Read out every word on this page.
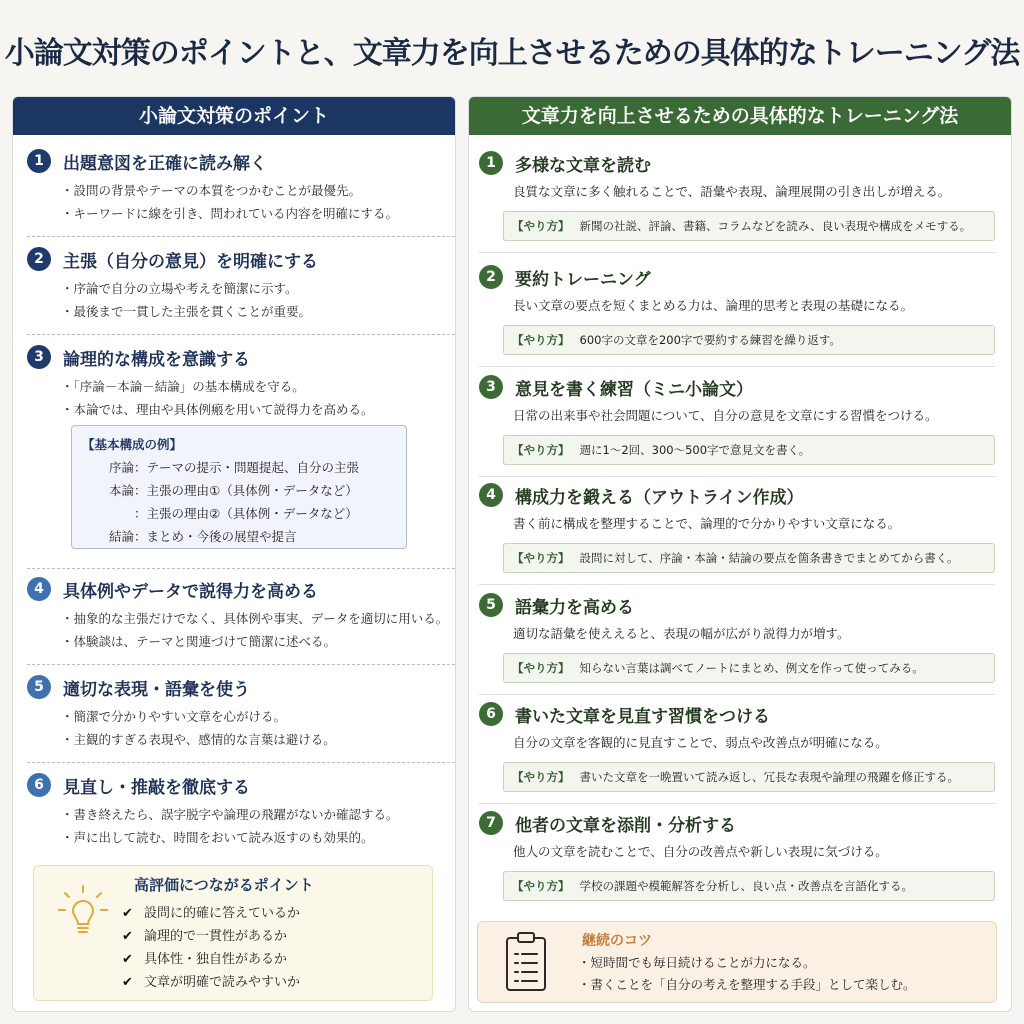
小論文対策のポイントと、文章力を向上させるための具体的なトレーニング法
小論文対策のポイント
1	出題意図を正確に読み解く
・ 設問の背景やテーマの本質をつかむことが最優先。
・ キーワードに線を引き、問われている内容を明確にする。
2	主張（自分の意見）を明確にする
・ 序論で自分の立場や考えを簡潔に示す。
・ 最後まで一貫した主張を貫くことが重要。
3	論理的な構成を意識する
・ 「序論－本論－結論」の基本構成を守る。
・ 本論では、理由や具体例瘢を用いて説得力を高める。
【基本構成の例】
序論 ： テーマの提示・問題提起、自分の主張
本論 ： 主張の理由①（具体例・データなど）
： 主張の理由②（具体例・データなど）
結論 ： まとめ・今後の展望や提言
4	具体例やデータで説得力を高める
・ 抽象的な主張だけでなく、具体例や事実、データを適切に用いる。
・ 体験談は、テーマと関連づけて簡潔に述べる。
5	適切な表現・語彙を使う
・ 簡潔で分かりやすい文章を心がける。
・ 主観的すぎる表現や、感情的な言葉は避ける。
6	見直し・推敲を徹底する
・ 書き終えたら、誤字脱字や論理の飛躍がないか確認する。
・ 声に出して読む、時間をおいて読み返すのも効果的。
高評価につながるポイント
✔ 設問に的確に答えているか
✔ 論理的で一貫性があるか
✔ 具体性・独自性があるか
✔ 文章が明確で読みやすいか
文章力を向上させるための具体的なトレーニング法
1	多様な文章を読む
良質な文章に多く触れることで、語彙や表現、論理展開の引き出しが増える。
【やり方】 新聞の社説、評論、書籍、コラムなどを読み、良い表現や構成をメモする。
2	要約トレーニング
長い文章の要点を短くまとめる力は、論理的思考と表現の基礎になる。
【やり方】 600字の文章を200字で要約する練習を繰り返す。
3	意見を書く練習（ミニ小論文）
日常の出来事や社会問題について、自分の意見を文章にする習慣をつける。
【やり方】 週に1～2回、300～500字で意見文を書く。
4	構成力を鍛える（アウトライン作成）
書く前に構成を整理することで、論理的で分かりやすい文章になる。
【やり方】 設問に対して、序論・本論・結論の要点を箇条書きでまとめてから書く。
5	語彙力を高める
適切な語彙を使ええると、表現の幅が広がり説得力が増す。
【やり方】 知らない言葉は調べてノートにまとめ、例文を作って使ってみる。
6	書いた文章を見直す習慣をつける
自分の文章を客観的に見直すことで、弱点や改善点が明確になる。
【やり方】 書いた文章を一晩置いて読み返し、冗長な表現や論理の飛躍を修正する。
7	他者の文章を添削・分析する
他人の文章を読むことで、自分の改善点や新しい表現に気づける。
【やり方】 学校の課題や模範解答を分析し、良い点・改善点を言語化する。
継続のコツ
・ 短時間でも毎日続けることが力になる。
・ 書くことを「自分の考えを整理する手段」として楽しむ。
